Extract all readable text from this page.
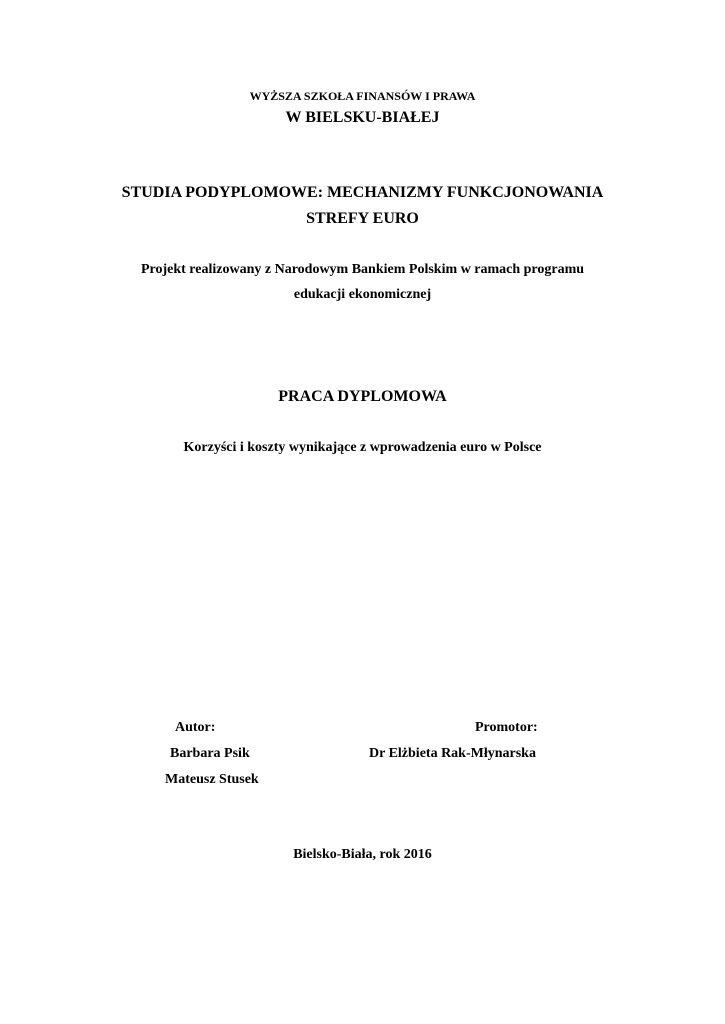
WYŻSZA SZKOŁA FINANSÓW I PRAWA
W BIELSKU-BIAŁEJ
STUDIA PODYPLOMOWE: MECHANIZMY FUNKCJONOWANIA
STREFY EURO
Projekt realizowany z Narodowym Bankiem Polskim w ramach programu
edukacji ekonomicznej
PRACA DYPLOMOWA
Korzyści i koszty wynikające z wprowadzenia euro w Polsce
Autor:
Barbara Psik
Mateusz Stusek
Promotor:
Dr Elżbieta Rak-Młynarska
Bielsko-Biała, rok 2016
